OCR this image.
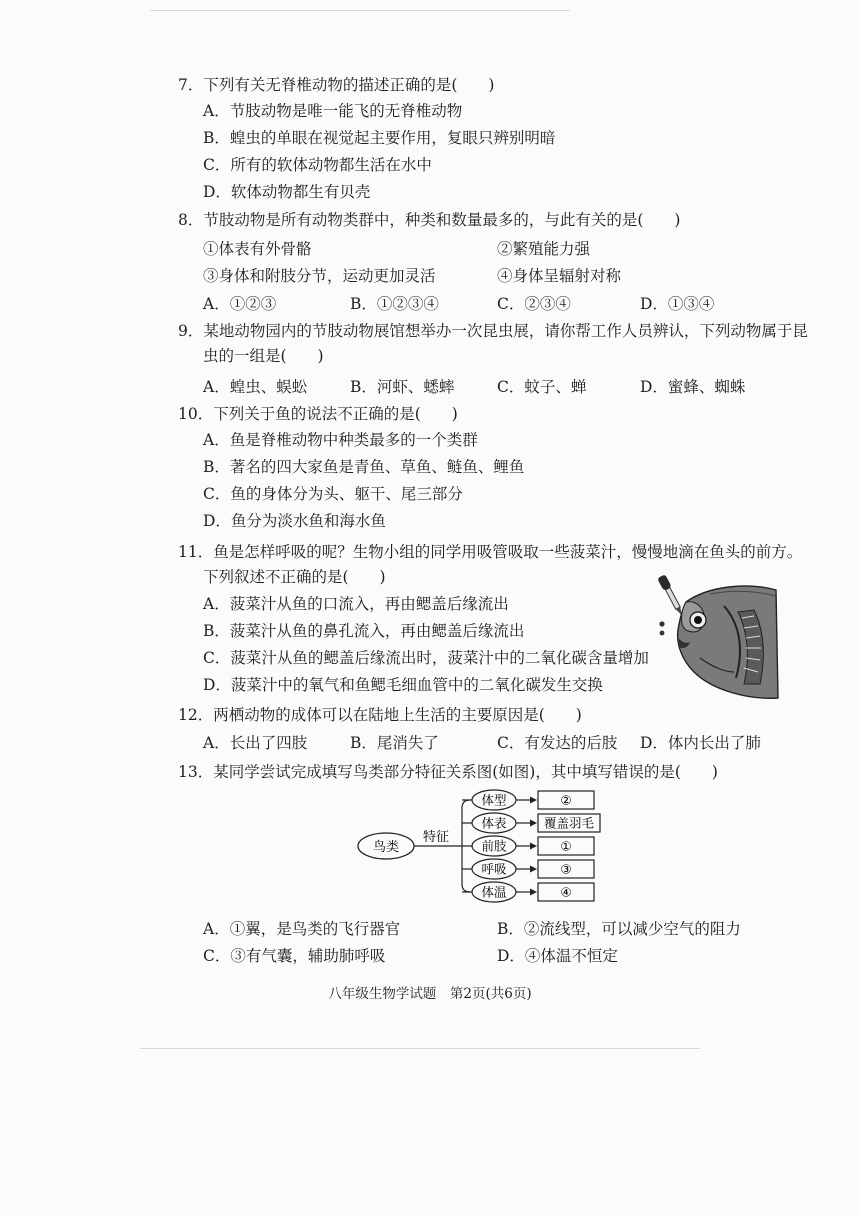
7．下列有关无脊椎动物的描述正确的是(　　)
A．节肢动物是唯一能飞的无脊椎动物
B．蝗虫的单眼在视觉起主要作用，复眼只辨别明暗
C．所有的软体动物都生活在水中
D．软体动物都生有贝壳
8．节肢动物是所有动物类群中，种类和数量最多的，与此有关的是(　　)
①体表有外骨骼	②繁殖能力强
③身体和附肢分节，运动更加灵活	④身体呈辐射对称
A．①②③	B．①②③④	C．②③④	D．①③④
9．某地动物园内的节肢动物展馆想举办一次昆虫展，请你帮工作人员辨认，下列动物属于昆
虫的一组是(　　)
A．蝗虫、蜈蚣	B．河虾、蟋蟀	C．蚊子、蝉	D．蜜蜂、蜘蛛
10．下列关于鱼的说法不正确的是(　　)
A．鱼是脊椎动物中种类最多的一个类群
B．著名的四大家鱼是青鱼、草鱼、鲢鱼、鲤鱼
C．鱼的身体分为头、躯干、尾三部分
D．鱼分为淡水鱼和海水鱼
11．鱼是怎样呼吸的呢？生物小组的同学用吸管吸取一些菠菜汁，慢慢地滴在鱼头的前方。
下列叙述不正确的是(　　)
A．菠菜汁从鱼的口流入，再由鳃盖后缘流出
B．菠菜汁从鱼的鼻孔流入，再由鳃盖后缘流出
C．菠菜汁从鱼的鳃盖后缘流出时，菠菜汁中的二氧化碳含量增加
D．菠菜汁中的氧气和鱼鳃毛细血管中的二氧化碳发生交换
12．两栖动物的成体可以在陆地上生活的主要原因是(　　)
A．长出了四肢	B．尾消失了	C．有发达的后肢 D．体内长出了肺
13．某同学尝试完成填写鸟类部分特征关系图(如图)，其中填写错误的是(　　)
鸟类
特征
体型	②
体表	覆盖羽毛
前肢	①
呼吸	③
体温	④
A．①翼，是鸟类的飞行器官	B．②流线型，可以减少空气的阻力
C．③有气囊，辅助肺呼吸	D．④体温不恒定
八年级生物学试题　第2页(共6页)
